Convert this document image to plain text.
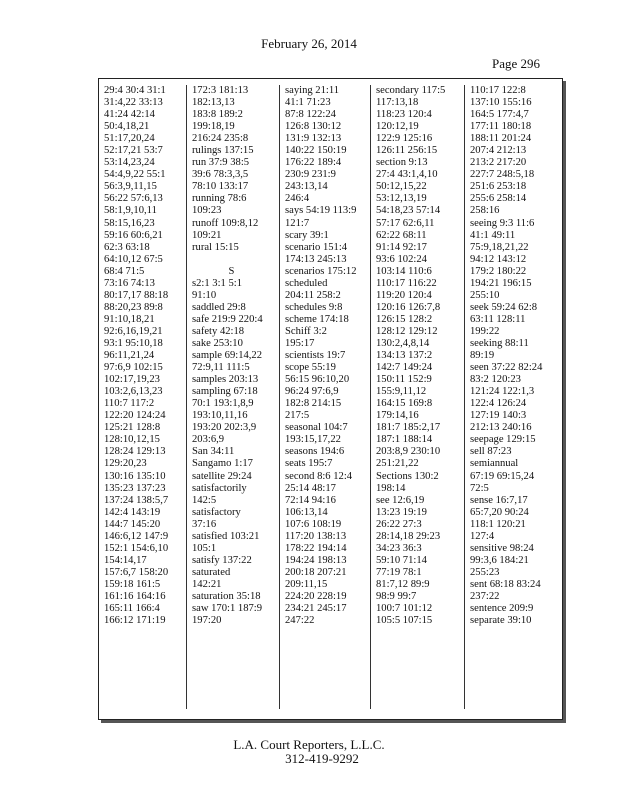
February 26, 2014
Page 296
29:4 30:4 31:1
31:4,22 33:13
41:24 42:14
50:4,18,21
51:17,20,24
52:17,21 53:7
53:14,23,24
54:4,9,22 55:1
56:3,9,11,15
56:22 57:6,13
58:1,9,10,11
58:15,16,23
59:16 60:6,21
62:3 63:18
64:10,12 67:5
68:4 71:5
73:16 74:13
80:17,17 88:18
88:20,23 89:8
91:10,18,21
92:6,16,19,21
93:1 95:10,18
96:11,21,24
97:6,9 102:15
102:17,19,23
103:2,6,13,23
110:7 117:2
122:20 124:24
125:21 128:8
128:10,12,15
128:24 129:13
129:20,23
130:16 135:10
135:23 137:23
137:24 138:5,7
142:4 143:19
144:7 145:20
146:6,12 147:9
152:1 154:6,10
154:14,17
157:6,7 158:20
159:18 161:5
161:16 164:16
165:11 166:4
166:12 171:19
172:3 181:13
182:13,13
183:8 189:2
199:18,19
216:24 235:8
rulings 137:15
run 37:9 38:5
39:6 78:3,3,5
78:10 133:17
running 78:6
109:23
runoff 109:8,12
109:21
rural 15:15

S
s2:1 3:1 5:1
91:10
saddled 29:8
safe 219:9 220:4
safety 42:18
sake 253:10
sample 69:14,22
72:9,11 111:5
samples 203:13
sampling 67:18
70:1 193:1,8,9
193:10,11,16
193:20 202:3,9
203:6,9
San 34:11
Sangamo 1:17
satellite 29:24
satisfactorily
142:5
satisfactory
37:16
satisfied 103:21
105:1
satisfy 137:22
saturated
142:21
saturation 35:18
saw 170:1 187:9
197:20
saying 21:11
41:1 71:23
87:8 122:24
126:8 130:12
131:9 132:13
140:22 150:19
176:22 189:4
230:9 231:9
243:13,14
246:4
says 54:19 113:9
121:7
scary 39:1
scenario 151:4
174:13 245:13
scenarios 175:12
scheduled
204:11 258:2
schedules 9:8
scheme 174:18
Schiff 3:2
195:17
scientists 19:7
scope 55:19
56:15 96:10,20
96:24 97:6,9
182:8 214:15
217:5
seasonal 104:7
193:15,17,22
seasons 194:6
seats 195:7
second 8:6 12:4
25:14 48:17
72:14 94:16
106:13,14
107:6 108:19
117:20 138:13
178:22 194:14
194:24 198:13
200:18 207:21
209:11,15
224:20 228:19
234:21 245:17
247:22
secondary 117:5
117:13,18
118:23 120:4
120:12,19
122:9 125:16
126:11 256:15
section 9:13
27:4 43:1,4,10
50:12,15,22
53:12,13,19
54:18,23 57:14
57:17 62:6,11
62:22 68:11
91:14 92:17
93:6 102:24
103:14 110:6
110:17 116:22
119:20 120:4
120:16 126:7,8
126:15 128:2
128:12 129:12
130:2,4,8,14
134:13 137:2
142:7 149:24
150:11 152:9
155:9,11,12
164:15 169:8
179:14,16
181:7 185:2,17
187:1 188:14
203:8,9 230:10
251:21,22
Sections 130:2
198:14
see 12:6,19
13:23 19:19
26:22 27:3
28:14,18 29:23
34:23 36:3
59:10 71:14
77:19 78:1
81:7,12 89:9
98:9 99:7
100:7 101:12
105:5 107:15
110:17 122:8
137:10 155:16
164:5 177:4,7
177:11 180:18
188:11 201:24
207:4 212:13
213:2 217:20
227:7 248:5,18
251:6 253:18
255:6 258:14
258:16
seeing 9:3 11:6
41:1 49:11
75:9,18,21,22
94:12 143:12
179:2 180:22
194:21 196:15
255:10
seek 59:24 62:8
63:11 128:11
199:22
seeking 88:11
89:19
seen 37:22 82:24
83:2 120:23
121:24 122:1,3
122:4 126:24
127:19 140:3
212:13 240:16
seepage 129:15
sell 87:23
semiannual
67:19 69:15,24
72:5
sense 16:7,17
65:7,20 90:24
118:1 120:21
127:4
sensitive 98:24
99:3,6 184:21
255:23
sent 68:18 83:24
237:22
sentence 209:9
separate 39:10
L.A. Court Reporters, L.L.C.
312-419-9292
